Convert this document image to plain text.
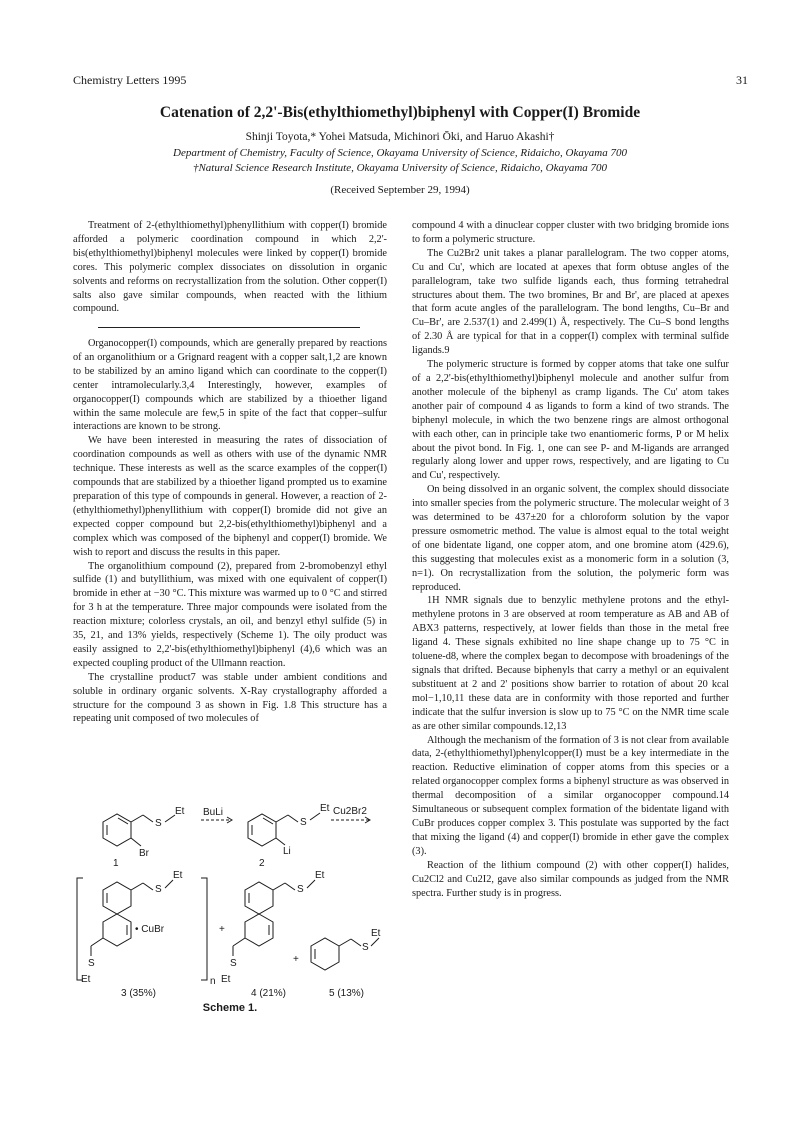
Chemistry Letters 1995	31
Catenation of 2,2'-Bis(ethylthiomethyl)biphenyl with Copper(I) Bromide
Shinji Toyota,* Yohei Matsuda, Michinori Ōki, and Haruo Akashi†
Department of Chemistry, Faculty of Science, Okayama University of Science, Ridaicho, Okayama 700
†Natural Science Research Institute, Okayama University of Science, Ridaicho, Okayama 700
(Received September 29, 1994)

Treatment of 2-(ethylthiomethyl)phenyllithium with copper(I) bromide afforded a polymeric coordination compound in which 2,2'-bis(ethylthiomethyl)biphenyl molecules were linked by copper(I) bromide cores. This polymeric complex dissociates on dissolution in organic solvents and reforms on recrystallization from the solution. Other copper(I) salts also gave similar compounds, when reacted with the lithium compound.

Organocopper(I) compounds, which are generally prepared by reactions of an organolithium or a Grignard reagent with a copper salt,1,2 are known to be stabilized by an amino ligand which can coordinate to the copper(I) center intramolecularly.3,4 Interestingly, however, examples of organocopper(I) compounds which are stabilized by a thioether ligand within the same molecule are few,5 in spite of the fact that copper–sulfur interactions are known to be strong.

We have been interested in measuring the rates of dissociation of coordination compounds as well as others with use of the dynamic NMR technique. These interests as well as the scarce examples of the copper(I) compounds that are stabilized by a thioether ligand prompted us to examine preparation of this type of compounds in general. However, a reaction of 2-(ethylthiomethyl)phenyllithium with copper(I) bromide did not give an expected copper compound but 2,2-bis(ethylthiomethyl)biphenyl and a complex which was composed of the biphenyl and copper(I) bromide. We wish to report and discuss the results in this paper.

The organolithium compound (2), prepared from 2-bromobenzyl ethyl sulfide (1) and butyllithium, was mixed with one equivalent of copper(I) bromide in ether at −30 °C. This mixture was warmed up to 0 °C and stirred for 3 h at the temperature. Three major compounds were isolated from the reaction mixture; colorless crystals, an oil, and benzyl ethyl sulfide (5) in 35, 21, and 13% yields, respectively (Scheme 1). The oily product was easily assigned to 2,2'-bis(ethylthiomethyl)biphenyl (4),6 which was an expected coupling product of the Ullmann reaction.

The crystalline product7 was stable under ambient conditions and soluble in ordinary organic solvents. X-Ray crystallography afforded a structure for the compound 3 as shown in Fig. 1.8 This structure has a repeating unit composed of two molecules of

S
Et
Br
1
BuLi
S
Et
Li
2
Cu2Br2
S
Et
• CuBr
S
Et	n
3 (35%)
+
S
Et
S
Et
4 (21%)
+
S
Et
5 (13%)
Scheme 1.

compound 4 with a dinuclear copper cluster with two bridging bromide ions to form a polymeric structure.

The Cu2Br2 unit takes a planar parallelogram. The two copper atoms, Cu and Cu', which are located at apexes that form obtuse angles of the parallelogram, take two sulfide ligands each, thus forming tetrahedral structures about them. The two bromines, Br and Br', are placed at apexes that form acute angles of the parallelogram. The bond lengths, Cu–Br and Cu–Br', are 2.537(1) and 2.499(1) Å, respectively. The Cu–S bond lengths of 2.30 Å are typical for that in a copper(I) complex with terminal sulfide ligands.9

The polymeric structure is formed by copper atoms that take one sulfur of a 2,2'-bis(ethylthiomethyl)biphenyl molecule and another sulfur from another molecule of the biphenyl as cramp ligands. The Cu' atom takes another pair of compound 4 as ligands to form a kind of two strands. The biphenyl molecule, in which the two benzene rings are almost orthogonal with each other, can in principle take two enantiomeric forms, P or M helix about the pivot bond. In Fig. 1, one can see P- and M-ligands are arranged regularly along lower and upper rows, respectively, and are ligating to Cu and Cu', respectively.

On being dissolved in an organic solvent, the complex should dissociate into smaller species from the polymeric structure. The molecular weight of 3 was determined to be 437±20 for a chloroform solution by the vapor pressure osmometric method. The value is almost equal to the total weight of one bidentate ligand, one copper atom, and one bromine atom (429.6), this suggesting that molecules exist as a monomeric form in a solution (3, n=1). On recrystallization from the solution, the polymeric form was reproduced.

1H NMR signals due to benzylic methylene protons and the ethyl-methylene protons in 3 are observed at room temperature as AB and AB of ABX3 patterns, respectively, at lower fields than those in the metal free ligand 4. These signals exhibited no line shape change up to 75 °C in toluene-d8, where the complex began to decompose with broadenings of the signals that drifted. Because biphenyls that carry a methyl or an equivalent substituent at 2 and 2' positions show barrier to rotation of about 20 kcal mol−1,10,11 these data are in conformity with those reported and further indicate that the sulfur inversion is slow up to 75 °C on the NMR time scale as are other similar compounds.12,13

Although the mechanism of the formation of 3 is not clear from available data, 2-(ethylthiomethyl)phenylcopper(I) must be a key intermediate in the reaction. Reductive elimination of copper atoms from this species or a related organocopper complex forms a biphenyl structure as was observed in thermal decomposition of a similar organocopper compound.14 Simultaneous or subsequent complex formation of the bidentate ligand with CuBr produces copper complex 3. This postulate was supported by the fact that mixing the ligand (4) and copper(I) bromide in ether gave the complex (3).

Reaction of the lithium compound (2) with other copper(I) halides, Cu2Cl2 and Cu2I2, gave also similar compounds as judged from the NMR spectra. Further study is in progress.
